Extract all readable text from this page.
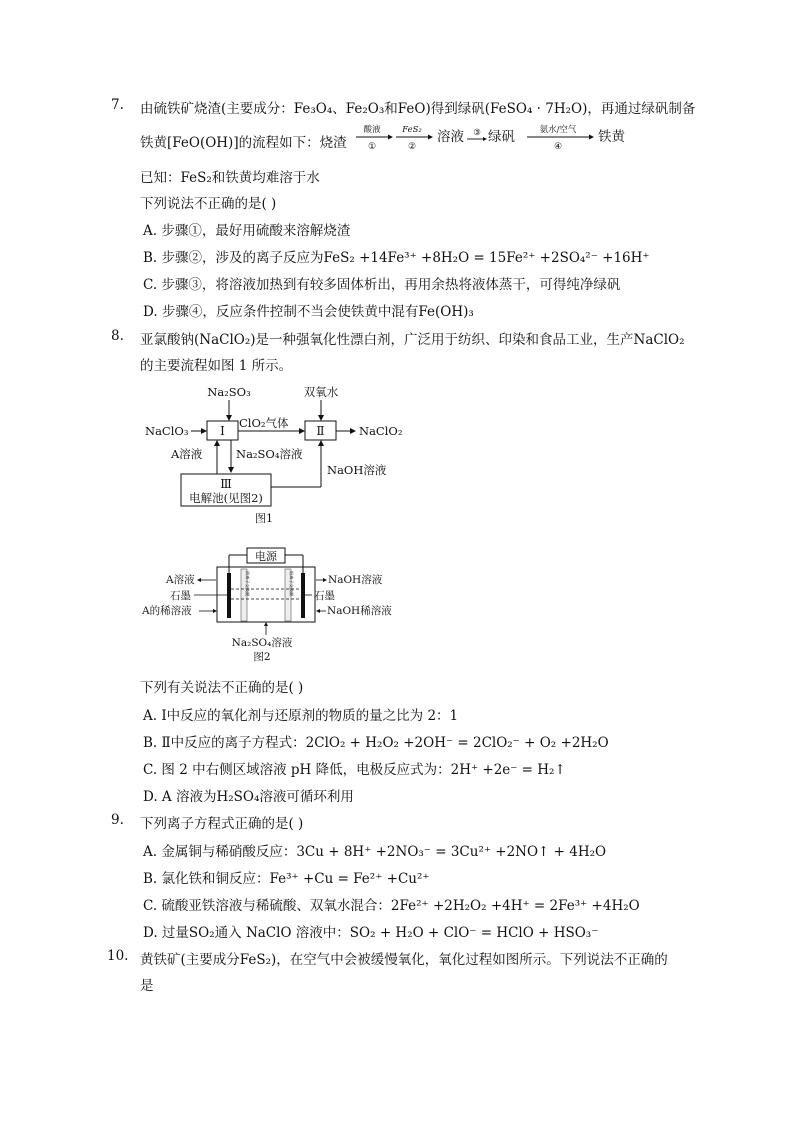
7. 由硫铁矿烧渣(主要成分：Fe₃O₄、Fe₂O₃和FeO)得到绿矾(FeSO₄ · 7H₂O)，再通过绿矾制备
铁黄[FeO(OH)]的流程如下：烧渣
酸液
①
FeS₂
②
溶液 ③ 绿矾	氨水/空气
④
铁黄
已知：FeS₂和铁黄均难溶于水
下列说法不正确的是( )
A. 步骤①，最好用硫酸来溶解烧渣
B. 步骤②，涉及的离子反应为FeS₂ +14Fe³⁺ +8H₂O = 15Fe²⁺ +2SO₄²⁻ +16H⁺
C. 步骤③，将溶液加热到有较多固体析出，再用余热将液体蒸干，可得纯净绿矾
D. 步骤④，反应条件控制不当会使铁黄中混有Fe(OH)₃
8. 亚氯酸钠(NaClO₂)是一种强氧化性漂白剂，广泛用于纺织、印染和食品工业，生产NaClO₂
的主要流程如图 1 所示。
Na₂SO₃	双氧水
NaClO₃	Ⅰ
ClO₂气体
Ⅱ	NaClO₂
A溶液	Na₂SO₄溶液
NaOH溶液
Ⅲ
电解池(见图2)
图1
电源
阴离子交换膜	阳离子交换膜
A溶液
石墨
A的稀溶液
NaOH溶液
石墨
NaOH稀溶液
Na₂SO₄溶液
图2
下列有关说法不正确的是( )
A. Ⅰ中反应的氧化剂与还原剂的物质的量之比为 2：1
B. Ⅱ中反应的离子方程式：2ClO₂ + H₂O₂ +2OH⁻ = 2ClO₂⁻ + O₂ +2H₂O
C. 图 2 中右侧区域溶液 pH 降低，电极反应式为：2H⁺ +2e⁻ = H₂↑
D. A 溶液为H₂SO₄溶液可循环利用
9. 下列离子方程式正确的是( )
A. 金属铜与稀硝酸反应：3Cu + 8H⁺ +2NO₃⁻ = 3Cu²⁺ +2NO↑ + 4H₂O
B. 氯化铁和铜反应：Fe³⁺ +Cu = Fe²⁺ +Cu²⁺
C. 硫酸亚铁溶液与稀硫酸、双氧水混合：2Fe²⁺ +2H₂O₂ +4H⁺ = 2Fe³⁺ +4H₂O
D. 过量SO₂通入 NaClO 溶液中：SO₂ + H₂O + ClO⁻ = HClO + HSO₃⁻
10. 黄铁矿(主要成分FeS₂)，在空气中会被缓慢氧化，氧化过程如图所示。下列说法不正确的
是
